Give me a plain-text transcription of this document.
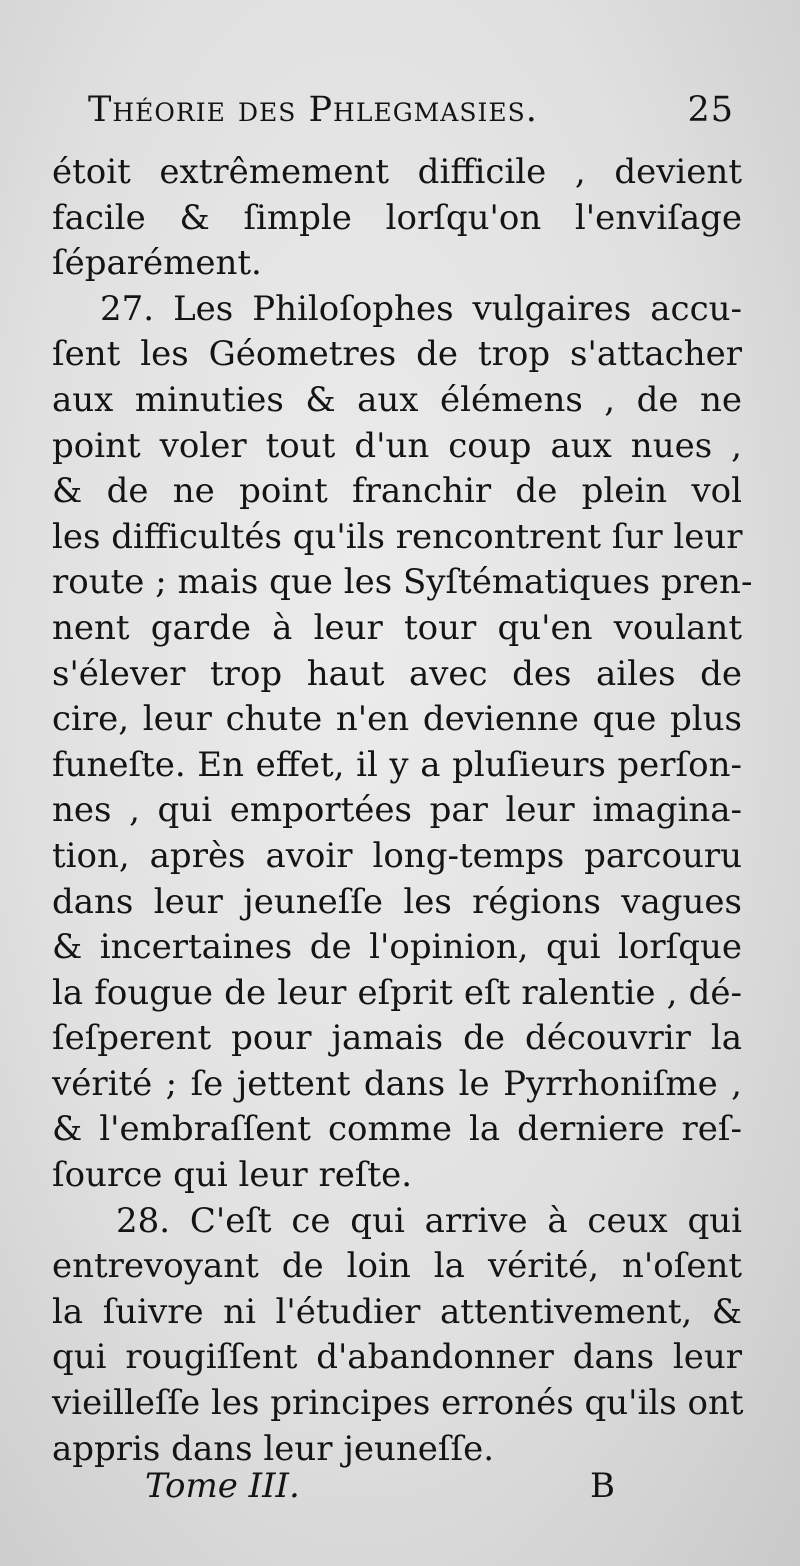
Théorie des Phlegmasies.	25
étoit extrêmement difficile , devient
facile & ſimple lorſqu'on l'enviſage
ſéparément.
27. Les Philoſophes vulgaires accu-
ſent les Géometres de trop s'attacher
aux minuties & aux élémens , de ne
point voler tout d'un coup aux nues ,
& de ne point franchir de plein vol
les difficultés qu'ils rencontrent ſur leur
route ; mais que les Syſtématiques pren-
nent garde à leur tour qu'en voulant
s'élever trop haut avec des ailes de
cire, leur chute n'en devienne que plus
funeſte. En effet, il y a pluſieurs perſon-
nes , qui emportées par leur imagina-
tion, après avoir long-temps parcouru
dans leur jeuneſſe les régions vagues
& incertaines de l'opinion, qui lorſque
la fougue de leur eſprit eſt ralentie , dé-
ſeſperent pour jamais de découvrir la
vérité ; ſe jettent dans le Pyrrhoniſme ,
& l'embraſſent comme la derniere reſ-
ſource qui leur reſte.
28. C'eſt ce qui arrive à ceux qui
entrevoyant de loin la vérité, n'oſent
la ſuivre ni l'étudier attentivement, &
qui rougiſſent d'abandonner dans leur
vieilleſſe les principes erronés qu'ils ont
appris dans leur jeuneſſe.
Tome III.	B
